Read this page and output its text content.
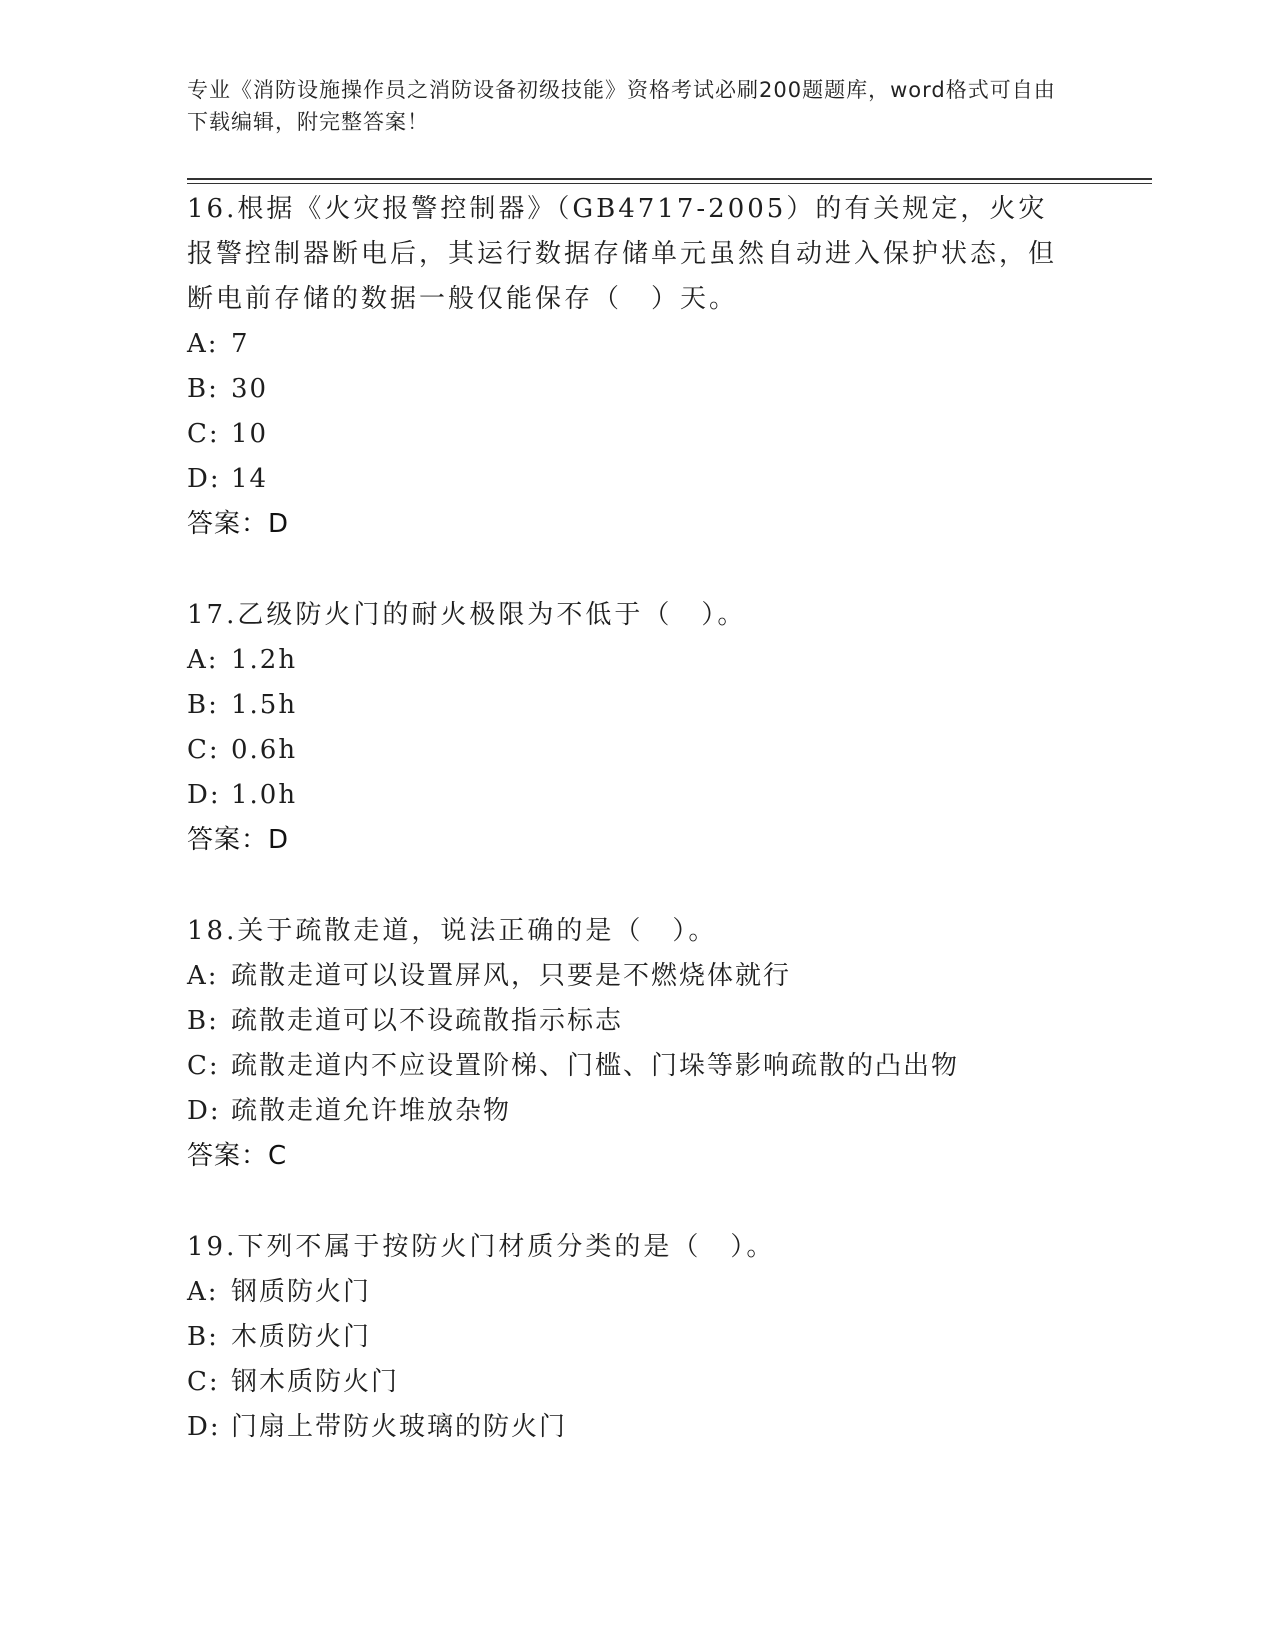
专业《消防设施操作员之消防设备初级技能》资格考试必刷200题题库，word格式可自由下载编辑，附完整答案！

16.根据《火灾报警控制器》（GB4717-2005）的有关规定，火灾报警控制器断电后，其运行数据存储单元虽然自动进入保护状态，但断电前存储的数据一般仅能保存（　）天。

A: 7

B: 30

C: 10

D: 14

答案：D

17.乙级防火门的耐火极限为不低于（　）。

A: 1.2h

B: 1.5h

C: 0.6h

D: 1.0h

答案：D

18.关于疏散走道，说法正确的是（　）。

A: 疏散走道可以设置屏风，只要是不燃烧体就行

B: 疏散走道可以不设疏散指示标志

C: 疏散走道内不应设置阶梯、门槛、门垛等影响疏散的凸出物

D: 疏散走道允许堆放杂物

答案：C

19.下列不属于按防火门材质分类的是（　）。

A: 钢质防火门

B: 木质防火门

C: 钢木质防火门

D: 门扇上带防火玻璃的防火门
